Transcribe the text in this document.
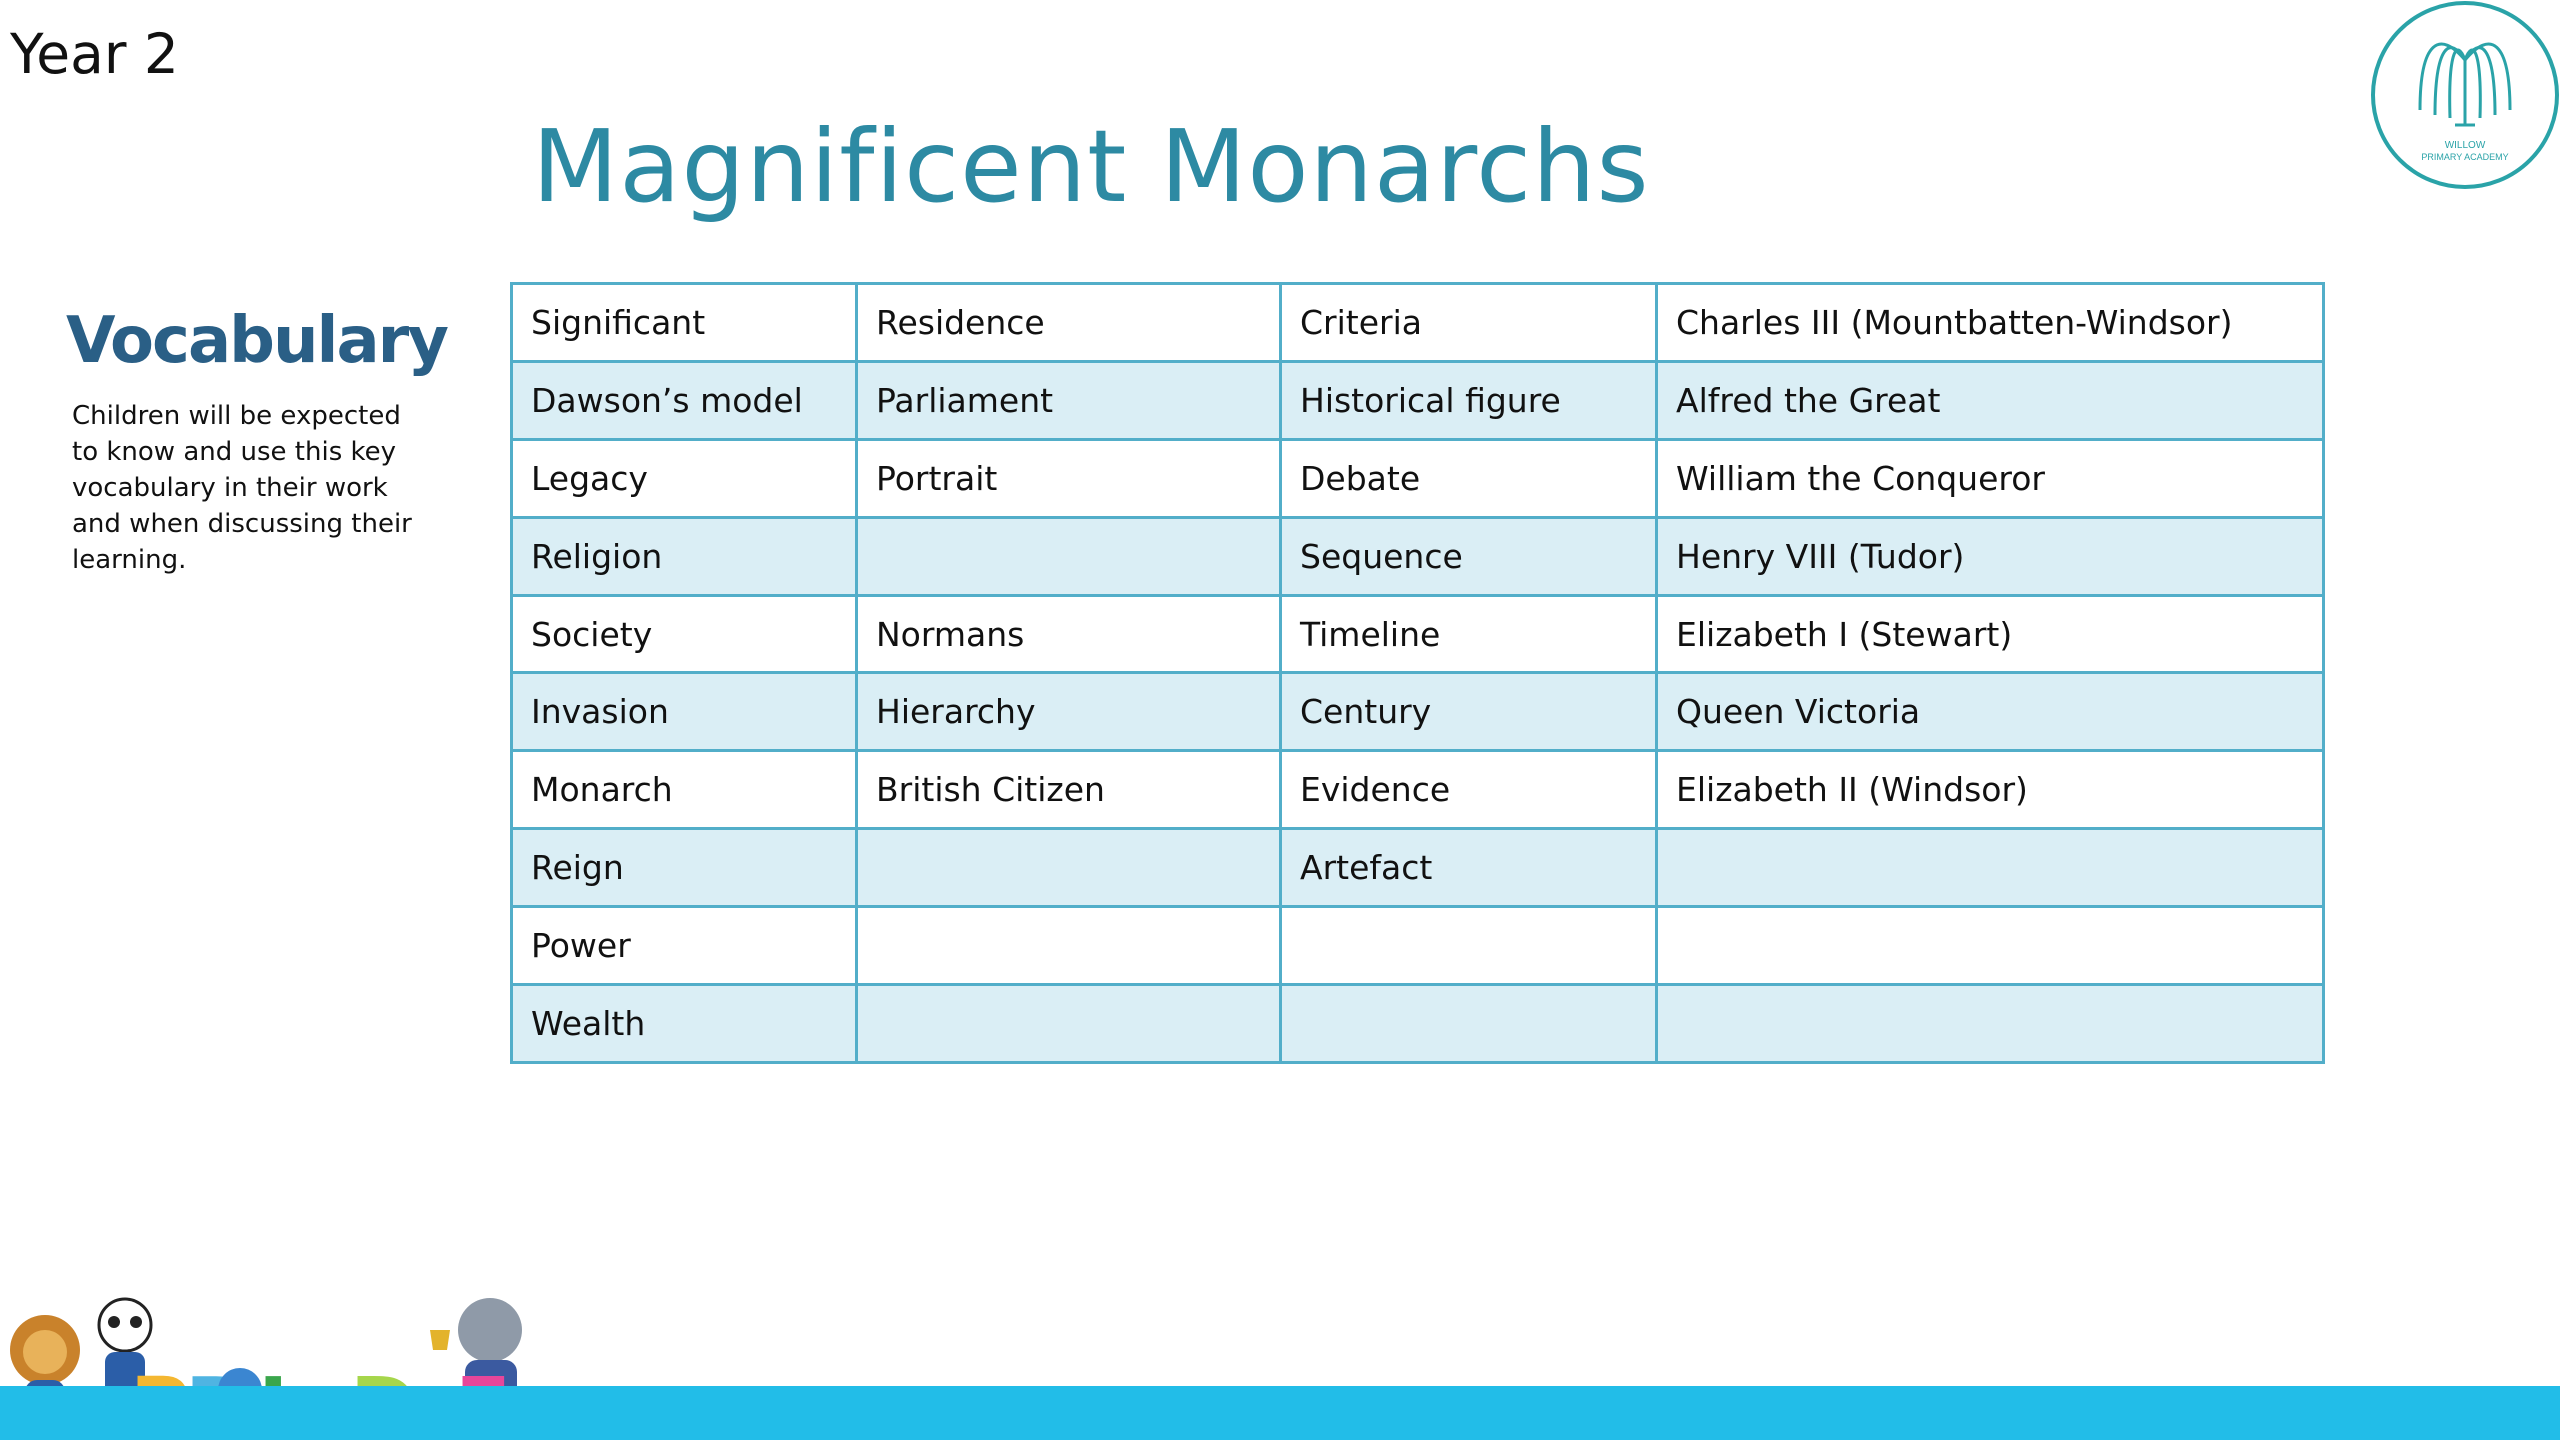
Year 2
Magnificent Monarchs	WILLOW
PRIMARY ACADEMY
Vocabulary
Children will be expected to know and use this key vocabulary in their work and when discussing their learning.
Significant	Residence	Criteria	Charles III (Mountbatten-Windsor)
Dawson’s model	Parliament	Historical figure	Alfred the Great
Legacy	Portrait	Debate	William the Conqueror
Religion		Sequence	Henry VIII (Tudor)
Society	Normans	Timeline	Elizabeth I (Stewart)
Invasion	Hierarchy	Century	Queen Victoria
Monarch	British Citizen	Evidence	Elizabeth II (Windsor)
Reign		Artefact	
Power			
Wealth			
